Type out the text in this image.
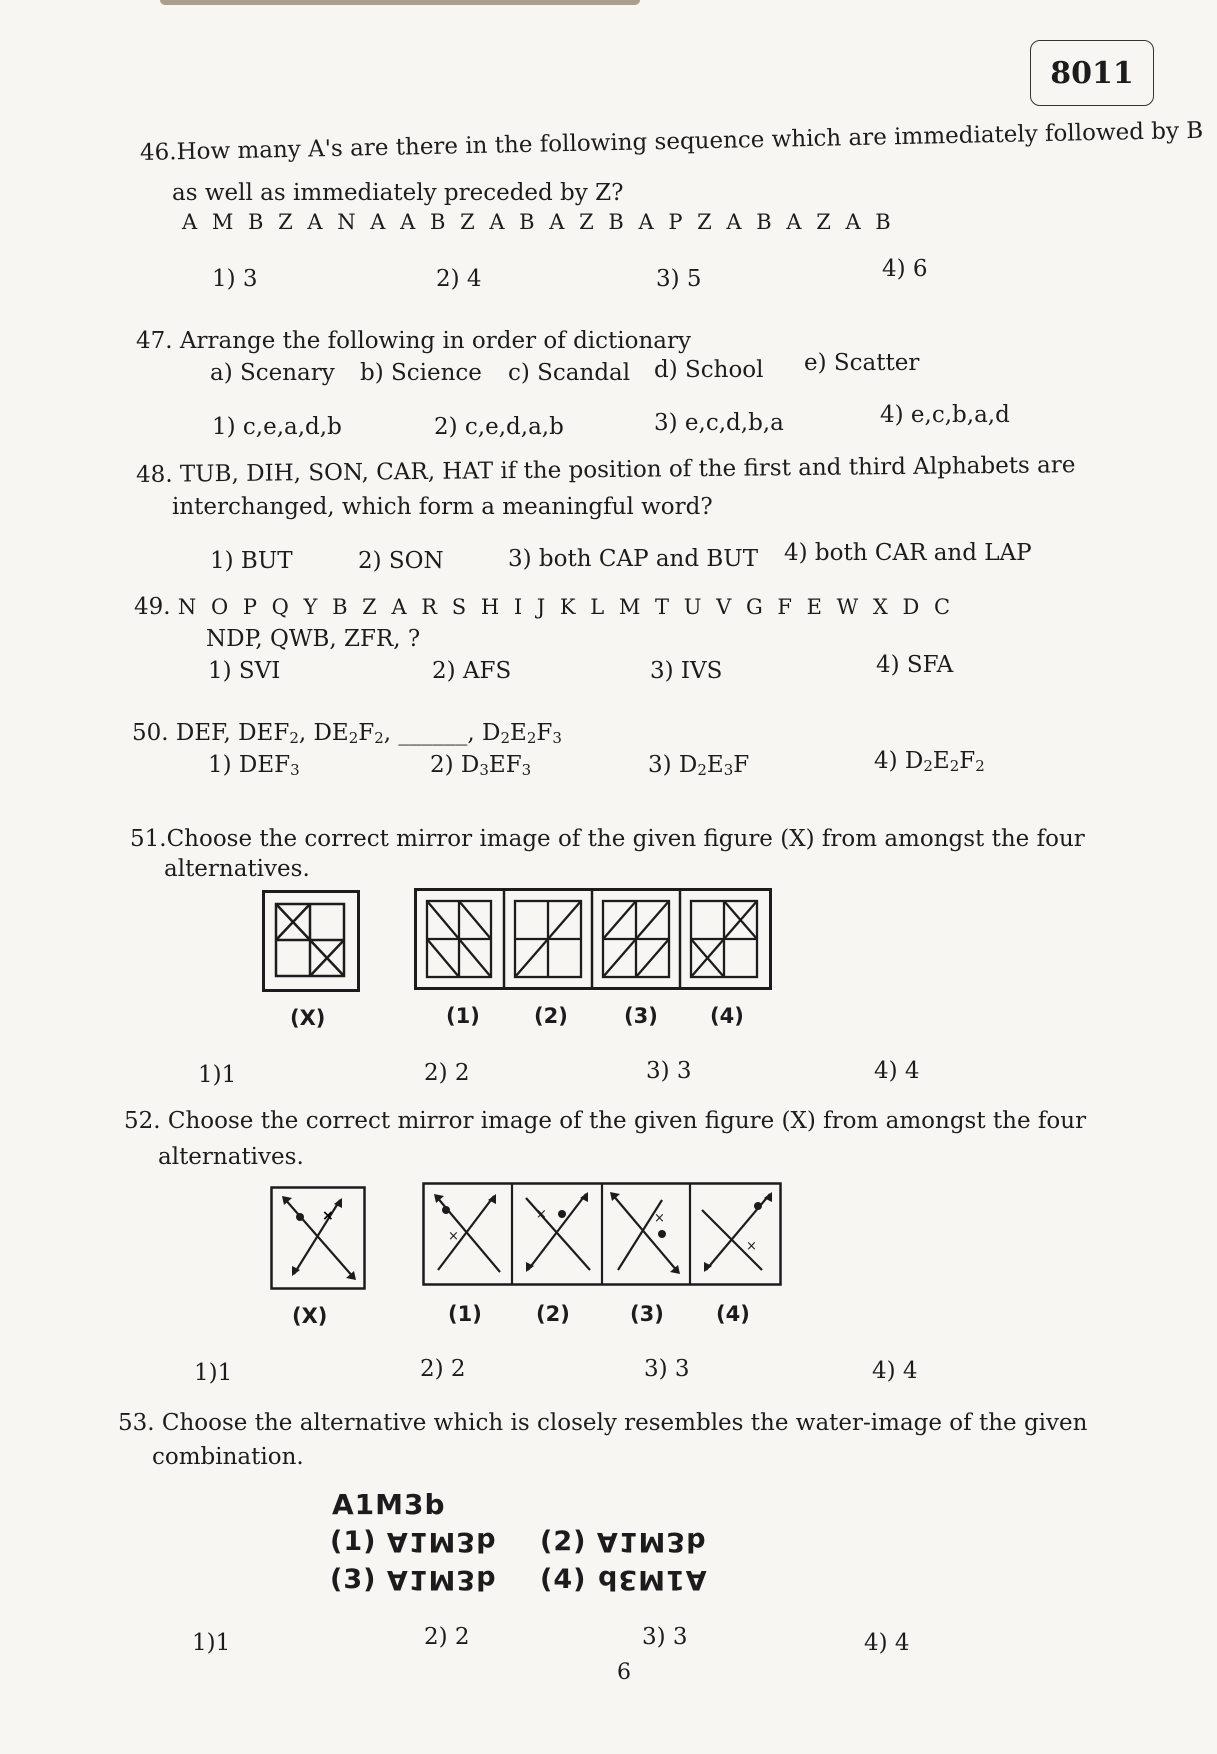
8011
46.How many A's are there in the following sequence which are immediately followed by B
as well as immediately preceded by Z?
A M B Z A N A A B Z A B A Z B A P Z A B A Z A B
1) 3	2) 4	3) 5	4) 6
47. Arrange the following in order of dictionary
a) Scenary b) Science c) Scandal d) School e) Scatter
1) c,e,a,d,b	2) c,e,d,a,b	3) e,c,d,b,a	4) e,c,b,a,d
48. TUB, DIH, SON, CAR, HAT if the position of the first and third Alphabets are
interchanged, which form a meaningful word?
1) BUT	2) SON	3) both CAP and BUT 4) both CAR and LAP
49. N O P Q Y B Z A R S H I J K L M T U V G F E W X D C
NDP, QWB, ZFR, ?
1) SVI	2) AFS	3) IVS	4) SFA
50. DEF, $DEF_2$, $DE_2F_2$, ______, $D_2E_2F_3$
1) $DEF_3$	2) $D_3EF_3$	3) $D_2E_3F$	4) $D_2E_2F_2$
51.Choose the correct mirror image of the given figure (X) from amongst the four
alternatives.
(X)	(1)	(2)	(3) (4)
1)1	2) 2	3) 3	4) 4
52. Choose the correct mirror image of the given figure (X) from amongst the four
alternatives.
×
×
×	×
×
(X)	(1)	(2)	(3) (4)
1)1	2) 2	3) 3	4) 4
53. Choose the alternative which is closely resembles the water-image of the given
combination.
A1M3b
(1) A1M3b (2) A1M3b
(3) A1M3b (4) A1M3b
1)1	2) 2	3) 3	4) 4
6
